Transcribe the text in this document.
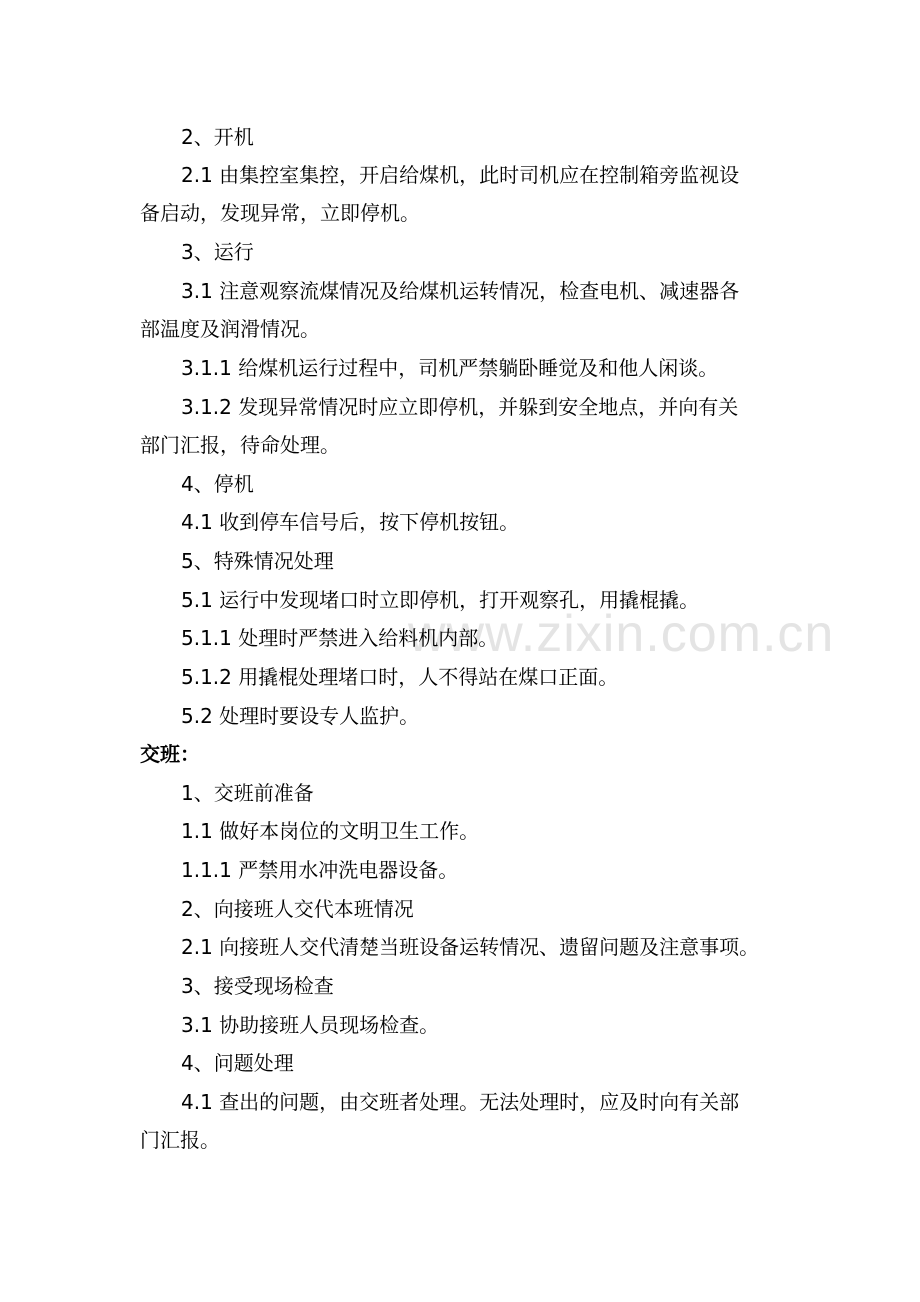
www.zixin.com.cn
2、开机
2.1 由集控室集控，开启给煤机，此时司机应在控制箱旁监视设
备启动，发现异常，立即停机。
3、运行
3.1 注意观察流煤情况及给煤机运转情况，检查电机、减速器各
部温度及润滑情况。
3.1.1 给煤机运行过程中，司机严禁躺卧睡觉及和他人闲谈。
3.1.2 发现异常情况时应立即停机，并躲到安全地点，并向有关
部门汇报，待命处理。
4、停机
4.1 收到停车信号后，按下停机按钮。
5、特殊情况处理
5.1 运行中发现堵口时立即停机，打开观察孔，用撬棍撬。
5.1.1 处理时严禁进入给料机内部。
5.1.2 用撬棍处理堵口时，人不得站在煤口正面。
5.2 处理时要设专人监护。
交班：
1、交班前准备
1.1 做好本岗位的文明卫生工作。
1.1.1 严禁用水冲洗电器设备。
2、向接班人交代本班情况
2.1 向接班人交代清楚当班设备运转情况、遗留问题及注意事项。
3、接受现场检查
3.1 协助接班人员现场检查。
4、问题处理
4.1 查出的问题，由交班者处理。无法处理时，应及时向有关部
门汇报。
